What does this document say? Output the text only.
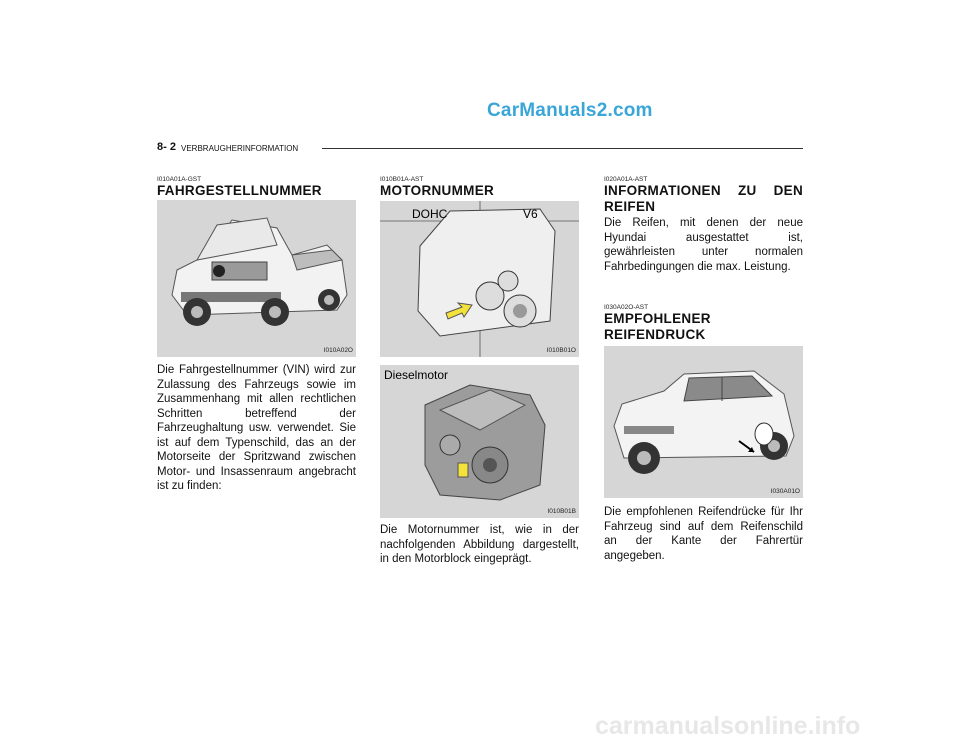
CarManuals2.com
carmanualsonline.info
8- 2 VERBRAUGHERINFORMATION
I010A01A-GST
FAHRGESTELLNUMMER
I010A02O
Die Fahrgestellnummer (VIN) wird zur Zulassung des Fahrzeugs sowie im Zusammenhang mit allen rechtlichen Schritten betreffend der Fahrzeughaltung usw. verwendet. Sie ist auf dem Typenschild, das an der Motorseite der Spritzwand zwischen Motor- und Insassenraum angebracht ist zu finden:
I010B01A-AST
MOTORNUMMER
DOHC	V6
I010B01O
Dieselmotor
I010B01B
Die Motornummer ist, wie in der nachfolgenden Abbildung dargestellt, in den Motorblock eingeprägt.
I020A01A-AST
INFORMATIONEN ZU DEN REIFEN
Die Reifen, mit denen der neue Hyundai ausgestattet ist, gewährleisten unter normalen Fahrbedingungen die max. Leistung.
I030A02O-AST
EMPFOHLENER REIFENDRUCK
I030A01O
Die empfohlenen Reifendrücke für Ihr Fahrzeug sind auf dem Reifenschild an der Kante der Fahrertür angegeben.
